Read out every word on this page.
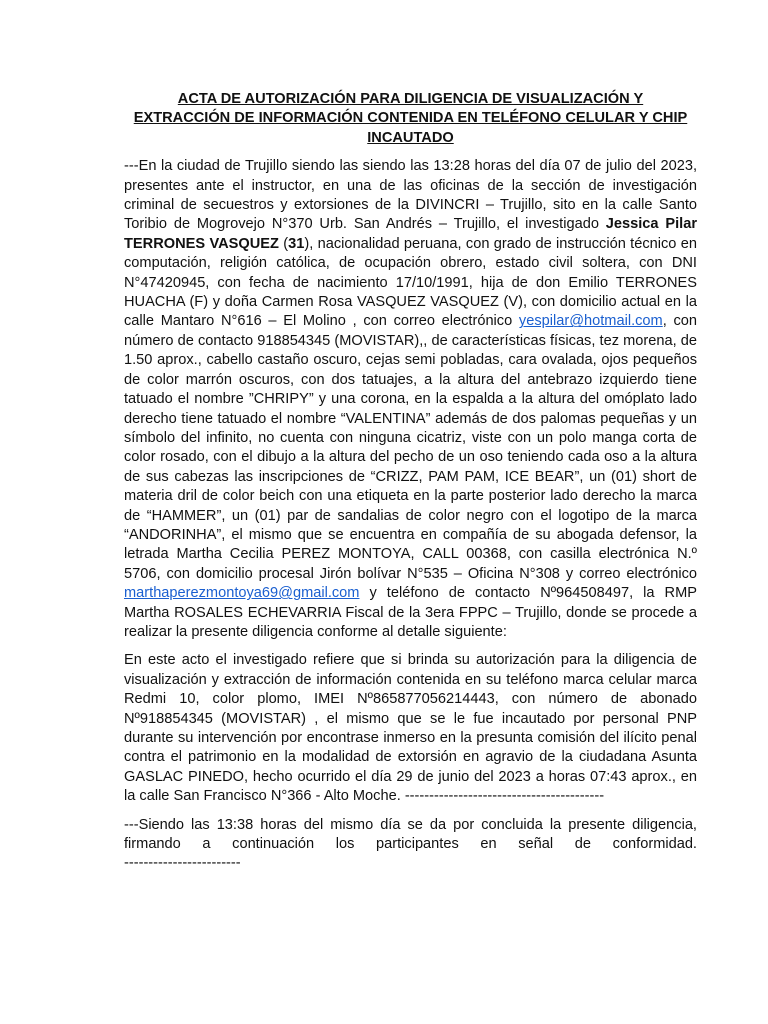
ACTA DE AUTORIZACIÓN PARA DILIGENCIA DE VISUALIZACIÓN Y
EXTRACCIÓN DE INFORMACIÓN CONTENIDA EN TELÉFONO CELULAR Y CHIP
INCAUTADO

---En la ciudad de Trujillo siendo las siendo las 13:28 horas del día 07 de julio del 2023, presentes ante el instructor, en una de las oficinas de la sección de investigación criminal de secuestros y extorsiones de la DIVINCRI – Trujillo, sito en la calle Santo Toribio de Mogrovejo N°370 Urb. San Andrés – Trujillo, el investigado Jessica Pilar TERRONES VASQUEZ (31), nacionalidad peruana, con grado de instrucción técnico en computación, religión católica, de ocupación obrero, estado civil soltera, con DNI N°47420945, con fecha de nacimiento 17/10/1991, hija de don Emilio TERRONES HUACHA (F) y doña Carmen Rosa VASQUEZ VASQUEZ (V), con domicilio actual en la calle Mantaro N°616 – El Molino , con correo electrónico yespilar@hotmail.com, con número de contacto 918854345 (MOVISTAR),, de características físicas, tez morena, de 1.50 aprox., cabello castaño oscuro, cejas semi pobladas, cara ovalada, ojos pequeños de color marrón oscuros, con dos tatuajes, a la altura del antebrazo izquierdo tiene tatuado el nombre ”CHRIPY” y una corona, en la espalda a la altura del omóplato lado derecho tiene tatuado el nombre “VALENTINA” además de dos palomas pequeñas y un símbolo del infinito, no cuenta con ninguna cicatriz, viste con un polo manga corta de color rosado, con el dibujo a la altura del pecho de un oso teniendo cada oso a la altura de sus cabezas las inscripciones de “CRIZZ, PAM PAM, ICE BEAR”, un (01) short de materia dril de color beich con una etiqueta en la parte posterior lado derecho la marca de “HAMMER”, un (01) par de sandalias de color negro con el logotipo de la marca “ANDORINHA”, el mismo que se encuentra en compañía de su abogada defensor, la letrada Martha Cecilia PEREZ MONTOYA, CALL 00368, con casilla electrónica N.º 5706, con domicilio procesal Jirón bolívar N°535 – Oficina N°308 y correo electrónico marthaperezmontoya69@gmail.com y teléfono de contacto Nº964508497, la RMP Martha ROSALES ECHEVARRIA Fiscal de la 3era FPPC – Trujillo, donde se procede a realizar la presente diligencia conforme al detalle siguiente:

En este acto el investigado refiere que si brinda su autorización para la diligencia de visualización y extracción de información contenida en su teléfono marca celular marca Redmi 10, color plomo, IMEI Nº865877056214443, con número de abonado Nº918854345 (MOVISTAR) , el mismo que se le fue incautado por personal PNP durante su intervención por encontrase inmerso en la presunta comisión del ilícito penal contra el patrimonio en la modalidad de extorsión en agravio de la ciudadana Asunta GASLAC PINEDO, hecho ocurrido el día 29 de junio del 2023 a horas 07:43 aprox., en la calle San Francisco N°366 - Alto Moche. -----------------------------------------

---Siendo las 13:38 horas del mismo día se da por concluida la presente diligencia, firmando a continuación los participantes en señal de conformidad.
------------------------
